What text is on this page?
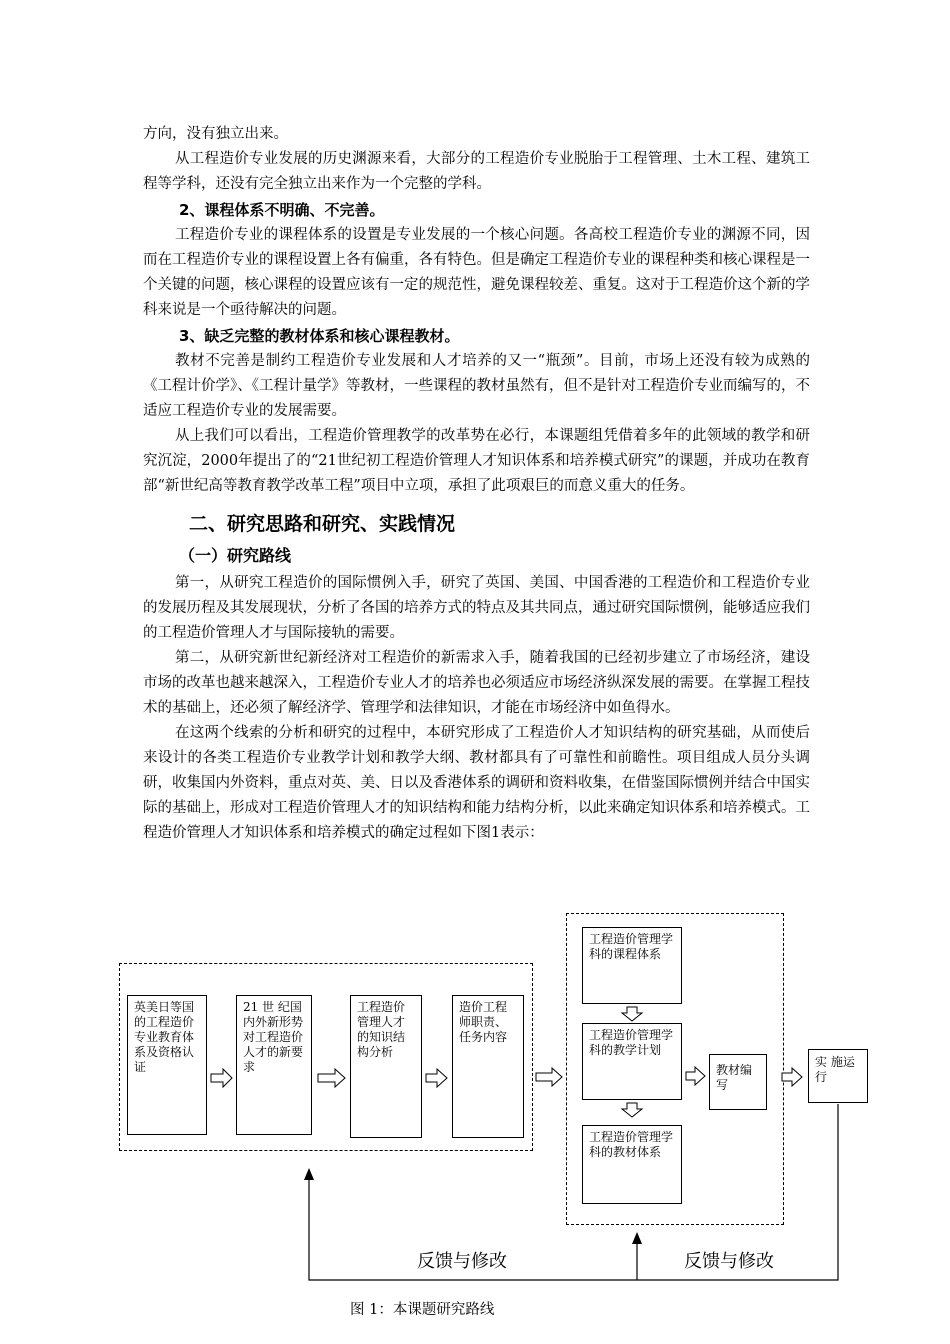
方向，没有独立出来。

从工程造价专业发展的历史渊源来看，大部分的工程造价专业脱胎于工程管理、土木工程、建筑工程等学科，还没有完全独立出来作为一个完整的学科。

2、课程体系不明确、不完善。

工程造价专业的课程体系的设置是专业发展的一个核心问题。各高校工程造价专业的渊源不同，因而在工程造价专业的课程设置上各有偏重，各有特色。但是确定工程造价专业的课程种类和核心课程是一个关键的问题，核心课程的设置应该有一定的规范性，避免课程较差、重复。这对于工程造价这个新的学科来说是一个亟待解决的问题。

3、缺乏完整的教材体系和核心课程教材。

教材不完善是制约工程造价专业发展和人才培养的又一“瓶颈”。目前，市场上还没有较为成熟的《工程计价学》、《工程计量学》等教材，一些课程的教材虽然有，但不是针对工程造价专业而编写的，不适应工程造价专业的发展需要。

从上我们可以看出，工程造价管理教学的改革势在必行，本课题组凭借着多年的此领域的教学和研究沉淀，2000年提出了的“21世纪初工程造价管理人才知识体系和培养模式研究”的课题，并成功在教育部“新世纪高等教育教学改革工程”项目中立项，承担了此项艰巨的而意义重大的任务。

二、研究思路和研究、实践情况
（一）研究路线

第一，从研究工程造价的国际惯例入手，研究了英国、美国、中国香港的工程造价和工程造价专业的发展历程及其发展现状，分析了各国的培养方式的特点及其共同点，通过研究国际惯例，能够适应我们的工程造价管理人才与国际接轨的需要。

第二，从研究新世纪新经济对工程造价的新需求入手，随着我国的已经初步建立了市场经济，建设市场的改革也越来越深入，工程造价专业人才的培养也必须适应市场经济纵深发展的需要。在掌握工程技术的基础上，还必须了解经济学、管理学和法律知识，才能在市场经济中如鱼得水。

在这两个线索的分析和研究的过程中，本研究形成了工程造价人才知识结构的研究基础，从而使后来设计的各类工程造价专业教学计划和教学大纲、教材都具有了可靠性和前瞻性。项目组成人员分头调研，收集国内外资料，重点对英、美、日以及香港体系的调研和资料收集，在借鉴国际惯例并结合中国实际的基础上，形成对工程造价管理人才的知识结构和能力结构分析，以此来确定知识体系和培养模式。工程造价管理人才知识体系和培养模式的确定过程如下图1表示：

英美日等国的工程造价专业教育体系及资格认证
21 世 纪国内外新形势对工程造价人才的新要求
工程造价管理人才的知识结构分析
造价工程师职责、任务内容
工程造价管理学科的课程体系
工程造价管理学科的教学计划
工程造价管理学科的教材体系
教材编写
实 施运行
反馈与修改	反馈与修改
图 1：本课题研究路线
